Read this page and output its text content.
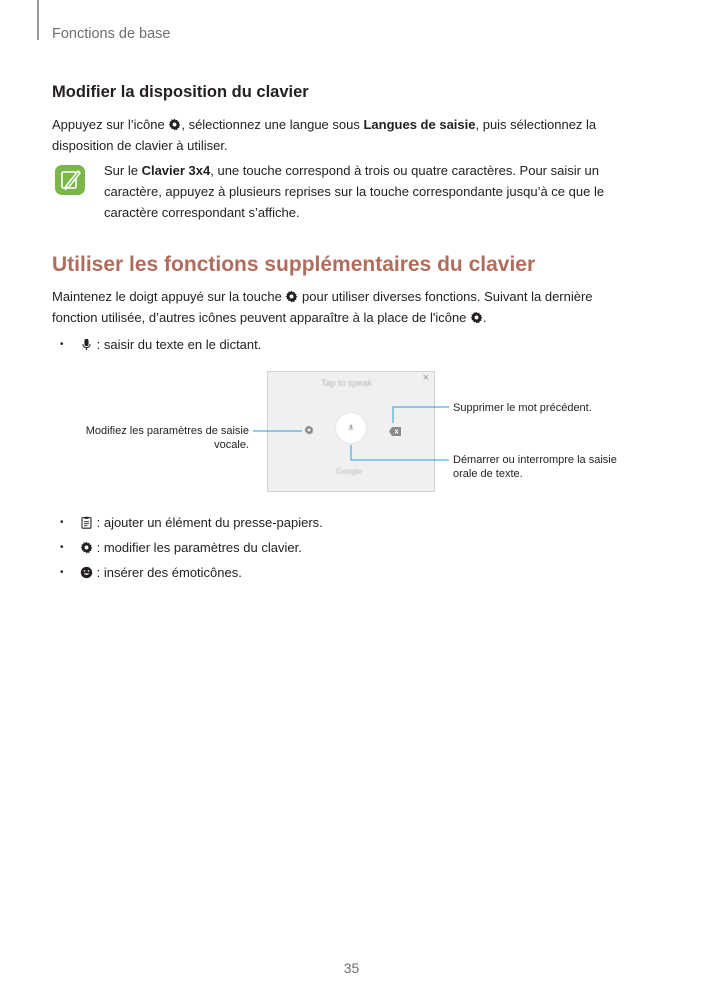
Fonctions de base
Modifier la disposition du clavier

Appuyez sur l’icône , sélectionnez une langue sous Langues de saisie, puis sélectionnez la disposition de clavier à utiliser.

Sur le Clavier 3x4, une touche correspond à trois ou quatre caractères. Pour saisir un caractère, appuyez à plusieurs reprises sur la touche correspondante jusqu’à ce que le caractère correspondant s’affiche.

Utiliser les fonctions supplémentaires du clavier

Maintenez le doigt appuyé sur la touche  pour utiliser diverses fonctions. Suivant la dernière fonction utilisée, d’autres icônes peuvent apparaître à la place de l'icône .

•	: saisir du texte en le dictant.
Tap to speak	×
Google
Supprimer le mot précédent.
Modifiez les paramètres de saisie vocale.
Démarrer ou interrompre la saisie orale de texte.
•	: ajouter un élément du presse-papiers.
•	: modifier les paramètres du clavier.
•	: insérer des émoticônes.
35
